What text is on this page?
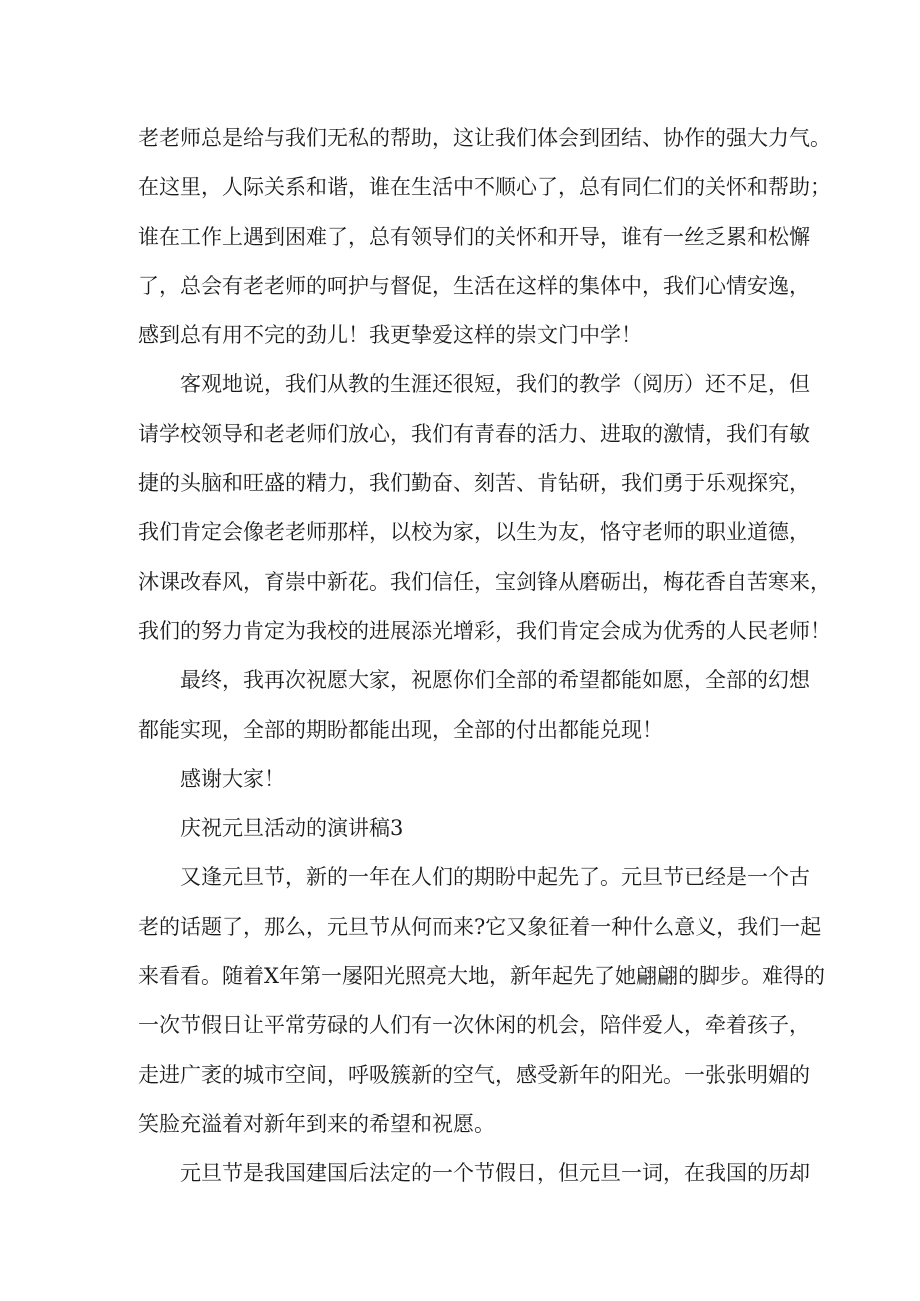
老老师总是给与我们无私的帮助，这让我们体会到团结、协作的强大力气。
在这里，人际关系和谐，谁在生活中不顺心了，总有同仁们的关怀和帮助；
谁在工作上遇到困难了，总有领导们的关怀和开导，谁有一丝乏累和松懈
了，总会有老老师的呵护与督促，生活在这样的集体中，我们心情安逸，
感到总有用不完的劲儿！我更挚爱这样的崇文门中学！
客观地说，我们从教的生涯还很短，我们的教学（阅历）还不足，但
请学校领导和老老师们放心，我们有青春的活力、进取的激情，我们有敏
捷的头脑和旺盛的精力，我们勤奋、刻苦、肯钻研，我们勇于乐观探究，
我们肯定会像老老师那样，以校为家，以生为友，恪守老师的职业道德，
沐课改春风，育崇中新花。我们信任，宝剑锋从磨砺出，梅花香自苦寒来，
我们的努力肯定为我校的进展添光增彩，我们肯定会成为优秀的人民老师！
最终，我再次祝愿大家，祝愿你们全部的希望都能如愿，全部的幻想
都能实现，全部的期盼都能出现，全部的付出都能兑现！
感谢大家！
庆祝元旦活动的演讲稿3
又逢元旦节，新的一年在人们的期盼中起先了。元旦节已经是一个古
老的话题了，那么，元旦节从何而来?它又象征着一种什么意义，我们一起
来看看。随着X年第一屡阳光照亮大地，新年起先了她翩翩的脚步。难得的
一次节假日让平常劳碌的人们有一次休闲的机会，陪伴爱人，牵着孩子，
走进广袤的城市空间，呼吸簇新的空气，感受新年的阳光。一张张明媚的
笑脸充溢着对新年到来的希望和祝愿。
元旦节是我国建国后法定的一个节假日，但元旦一词，在我国的历却
